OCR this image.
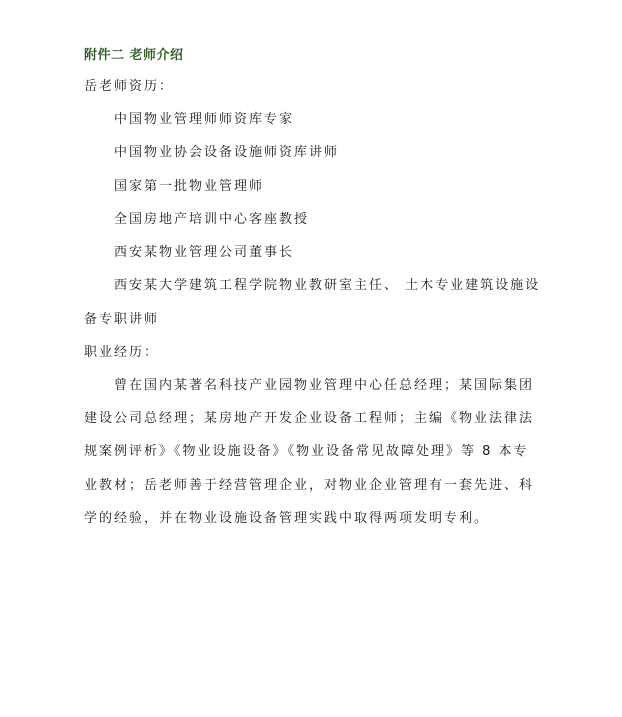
附件二 老师介绍
岳老师资历：
中国物业管理师师资库专家
中国物业协会设备设施师资库讲师
国家第一批物业管理师
全国房地产培训中心客座教授
西安某物业管理公司董事长
西安某大学建筑工程学院物业教研室主任、 土木专业建筑设施设
备专职讲师
职业经历：
曾在国内某著名科技产业园物业管理中心任总经理；某国际集团
建设公司总经理；某房地产开发企业设备工程师；主编《物业法律法
规案例评析》《物业设施设备》《物业设备常见故障处理》等 8 本专
业教材；岳老师善于经营管理企业，对物业企业管理有一套先进、科
学的经验，并在物业设施设备管理实践中取得两项发明专利。
